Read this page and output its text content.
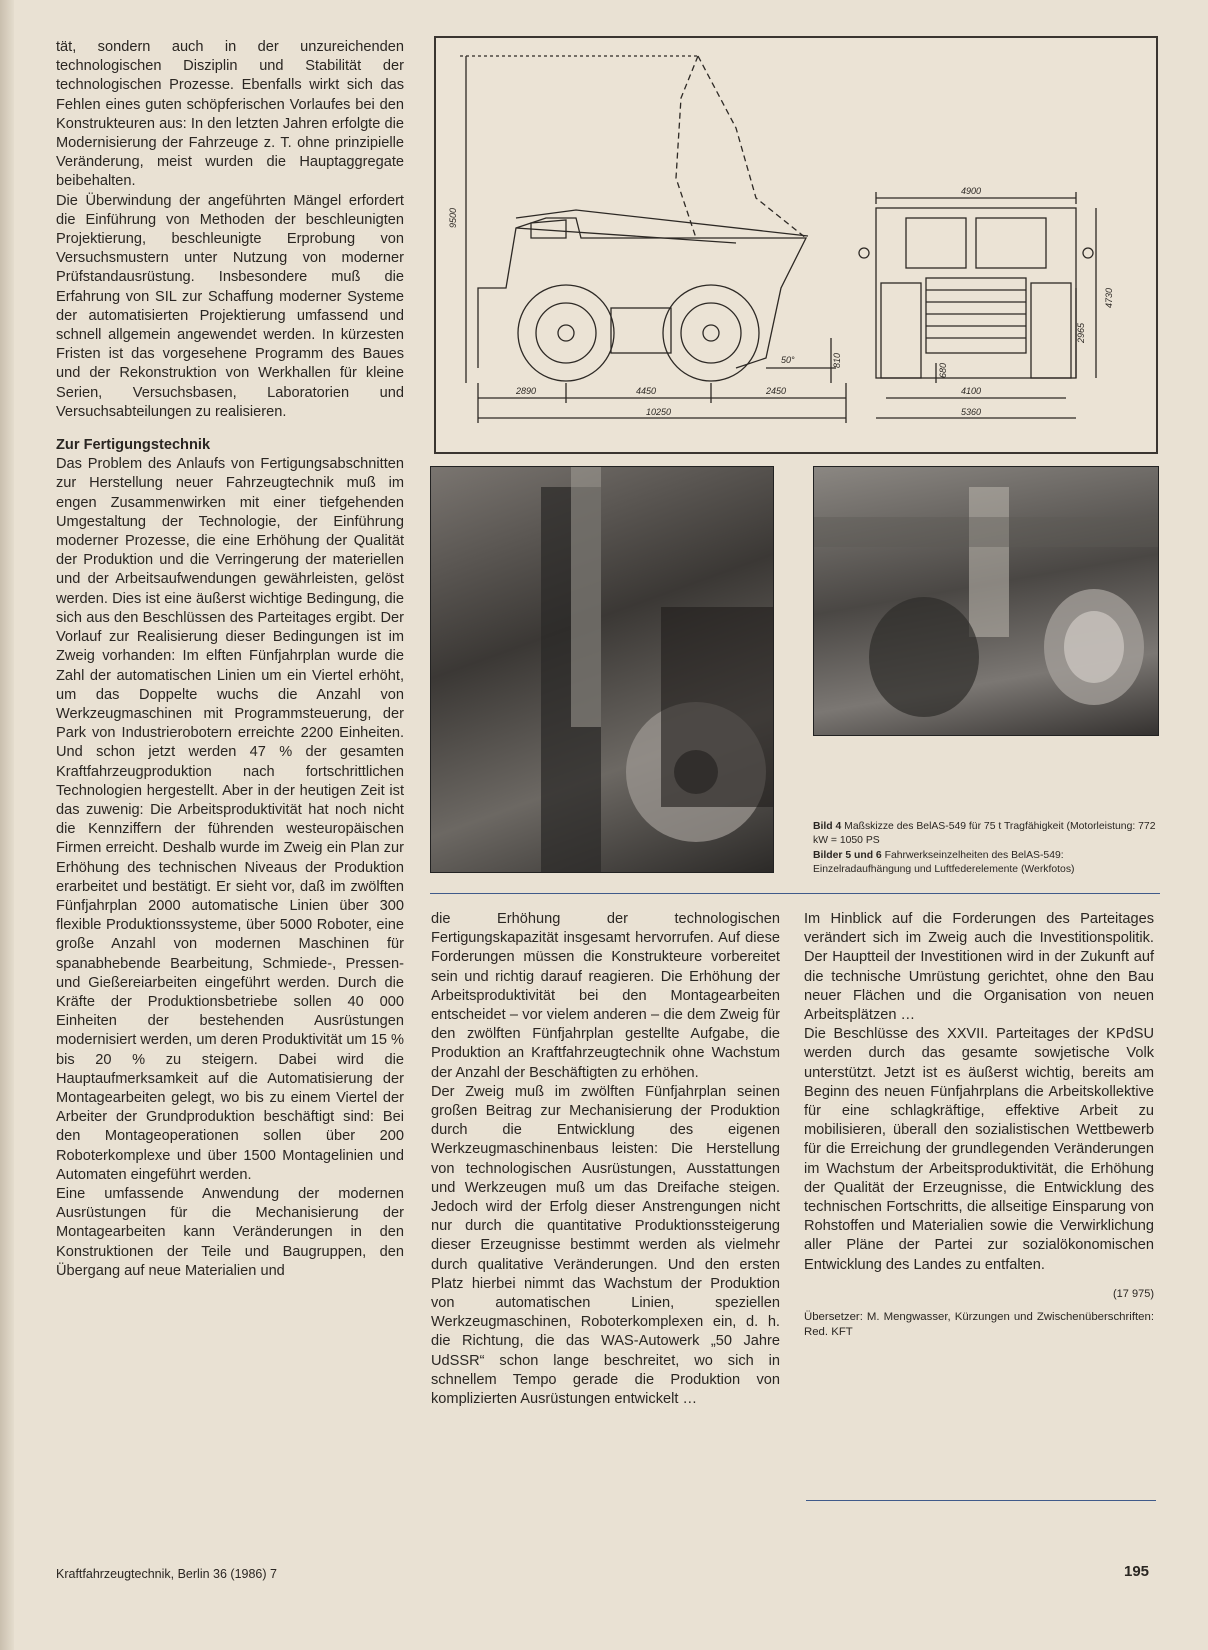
tät, sondern auch in der unzureichenden technologischen Disziplin und Stabilität der technologischen Prozesse. Ebenfalls wirkt sich das Fehlen eines guten schöpferischen Vorlaufes bei den Konstrukteuren aus: In den letzten Jahren erfolgte die Modernisierung der Fahrzeuge z. T. ohne prinzipielle Veränderung, meist wurden die Hauptaggregate beibehalten.

Die Überwindung der angeführten Mängel erfordert die Einführung von Methoden der beschleunigten Projektierung, beschleunigte Erprobung von Versuchsmustern unter Nutzung von moderner Prüfstandausrüstung. Insbesondere muß die Erfahrung von SIL zur Schaffung moderner Systeme der automatisierten Projektierung umfassend und schnell allgemein angewendet werden. In kürzesten Fristen ist das vorgesehene Programm des Baues und der Rekonstruktion von Werkhallen für kleine Serien, Versuchsbasen, Laboratorien und Versuchsabteilungen zu realisieren.

Zur Fertigungstechnik

Das Problem des Anlaufs von Fertigungsabschnitten zur Herstellung neuer Fahrzeugtechnik muß im engen Zusammenwirken mit einer tiefgehenden Umgestaltung der Technologie, der Einführung moderner Prozesse, die eine Erhöhung der Qualität der Produktion und die Verringerung der materiellen und der Arbeitsaufwendungen gewährleisten, gelöst werden. Dies ist eine äußerst wichtige Bedingung, die sich aus den Beschlüssen des Parteitages ergibt. Der Vorlauf zur Realisierung dieser Bedingungen ist im Zweig vorhanden: Im elften Fünfjahrplan wurde die Zahl der automatischen Linien um ein Viertel erhöht, um das Doppelte wuchs die Anzahl von Werkzeugmaschinen mit Programmsteuerung, der Park von Industrierobotern erreichte 2200 Einheiten. Und schon jetzt werden 47 % der gesamten Kraftfahrzeugproduktion nach fortschrittlichen Technologien hergestellt. Aber in der heutigen Zeit ist das zuwenig: Die Arbeitsproduktivität hat noch nicht die Kennziffern der führenden westeuropäischen Firmen erreicht. Deshalb wurde im Zweig ein Plan zur Erhöhung des technischen Niveaus der Produktion erarbeitet und bestätigt. Er sieht vor, daß im zwölften Fünfjahrplan 2000 automatische Linien über 300 flexible Produktionssysteme, über 5000 Roboter, eine große Anzahl von modernen Maschinen für spanabhebende Bearbeitung, Schmiede-, Pressen- und Gießereiarbeiten eingeführt werden. Durch die Kräfte der Produktionsbetriebe sollen 40 000 Einheiten der bestehenden Ausrüstungen modernisiert werden, um deren Produktivität um 15 % bis 20 % zu steigern. Dabei wird die Hauptaufmerksamkeit auf die Automatisierung der Montagearbeiten gelegt, wo bis zu einem Viertel der Arbeiter der Grundproduktion beschäftigt sind: Bei den Montageoperationen sollen über 200 Roboterkomplexe und über 1500 Montagelinien und Automaten eingeführt werden.

Eine umfassende Anwendung der modernen Ausrüstungen für die Mechanisierung der Montagearbeiten kann Veränderungen in den Konstruktionen der Teile und Baugruppen, den Übergang auf neue Materialien und

9500
4900
4730
2965
810
680
50°
2890	4450	2450
10250
4100
5360
Bild 4 Maßskizze des BelAS-549 für 75 t Tragfähigkeit (Motorleistung: 772 kW = 1050 PS
Bilder 5 und 6 Fahrwerkseinzelheiten des BelAS-549: Einzelradaufhängung und Luftfederelemente (Werkfotos)

die Erhöhung der technologischen Fertigungskapazität insgesamt hervorrufen. Auf diese Forderungen müssen die Konstrukteure vorbereitet sein und richtig darauf reagieren. Die Erhöhung der Arbeitsproduktivität bei den Montagearbeiten entscheidet – vor vielem anderen – die dem Zweig für den zwölften Fünfjahrplan gestellte Aufgabe, die Produktion an Kraftfahrzeugtechnik ohne Wachstum der Anzahl der Beschäftigten zu erhöhen.

Der Zweig muß im zwölften Fünfjahrplan seinen großen Beitrag zur Mechanisierung der Produktion durch die Entwicklung des eigenen Werkzeugmaschinenbaus leisten: Die Herstellung von technologischen Ausrüstungen, Ausstattungen und Werkzeugen muß um das Dreifache steigen. Jedoch wird der Erfolg dieser Anstrengungen nicht nur durch die quantitative Produktionssteigerung dieser Erzeugnisse bestimmt werden als vielmehr durch qualitative Veränderungen. Und den ersten Platz hierbei nimmt das Wachstum der Produktion von automatischen Linien, speziellen Werkzeugmaschinen, Roboterkomplexen ein, d. h. die Richtung, die das WAS-Autowerk „50 Jahre UdSSR“ schon lange beschreitet, wo sich in schnellem Tempo gerade die Produktion von komplizierten Ausrüstungen entwickelt …

Im Hinblick auf die Forderungen des Parteitages verändert sich im Zweig auch die Investitionspolitik. Der Hauptteil der Investitionen wird in der Zukunft auf die technische Umrüstung gerichtet, ohne den Bau neuer Flächen und die Organisation von neuen Arbeitsplätzen …

Die Beschlüsse des XXVII. Parteitages der KPdSU werden durch das gesamte sowjetische Volk unterstützt. Jetzt ist es äußerst wichtig, bereits am Beginn des neuen Fünfjahrplans die Arbeitskollektive für eine schlagkräftige, effektive Arbeit zu mobilisieren, überall den sozialistischen Wettbewerb für die Erreichung der grundlegenden Veränderungen im Wachstum der Arbeitsproduktivität, die Erhöhung der Qualität der Erzeugnisse, die Entwicklung des technischen Fortschritts, die allseitige Einsparung von Rohstoffen und Materialien sowie die Verwirklichung aller Pläne der Partei zur sozialökonomischen Entwicklung des Landes zu entfalten.

(17 975)

Übersetzer: M. Mengwasser, Kürzungen und Zwischenüberschriften: Red. KFT

Kraftfahrzeugtechnik, Berlin 36 (1986) 7	195
